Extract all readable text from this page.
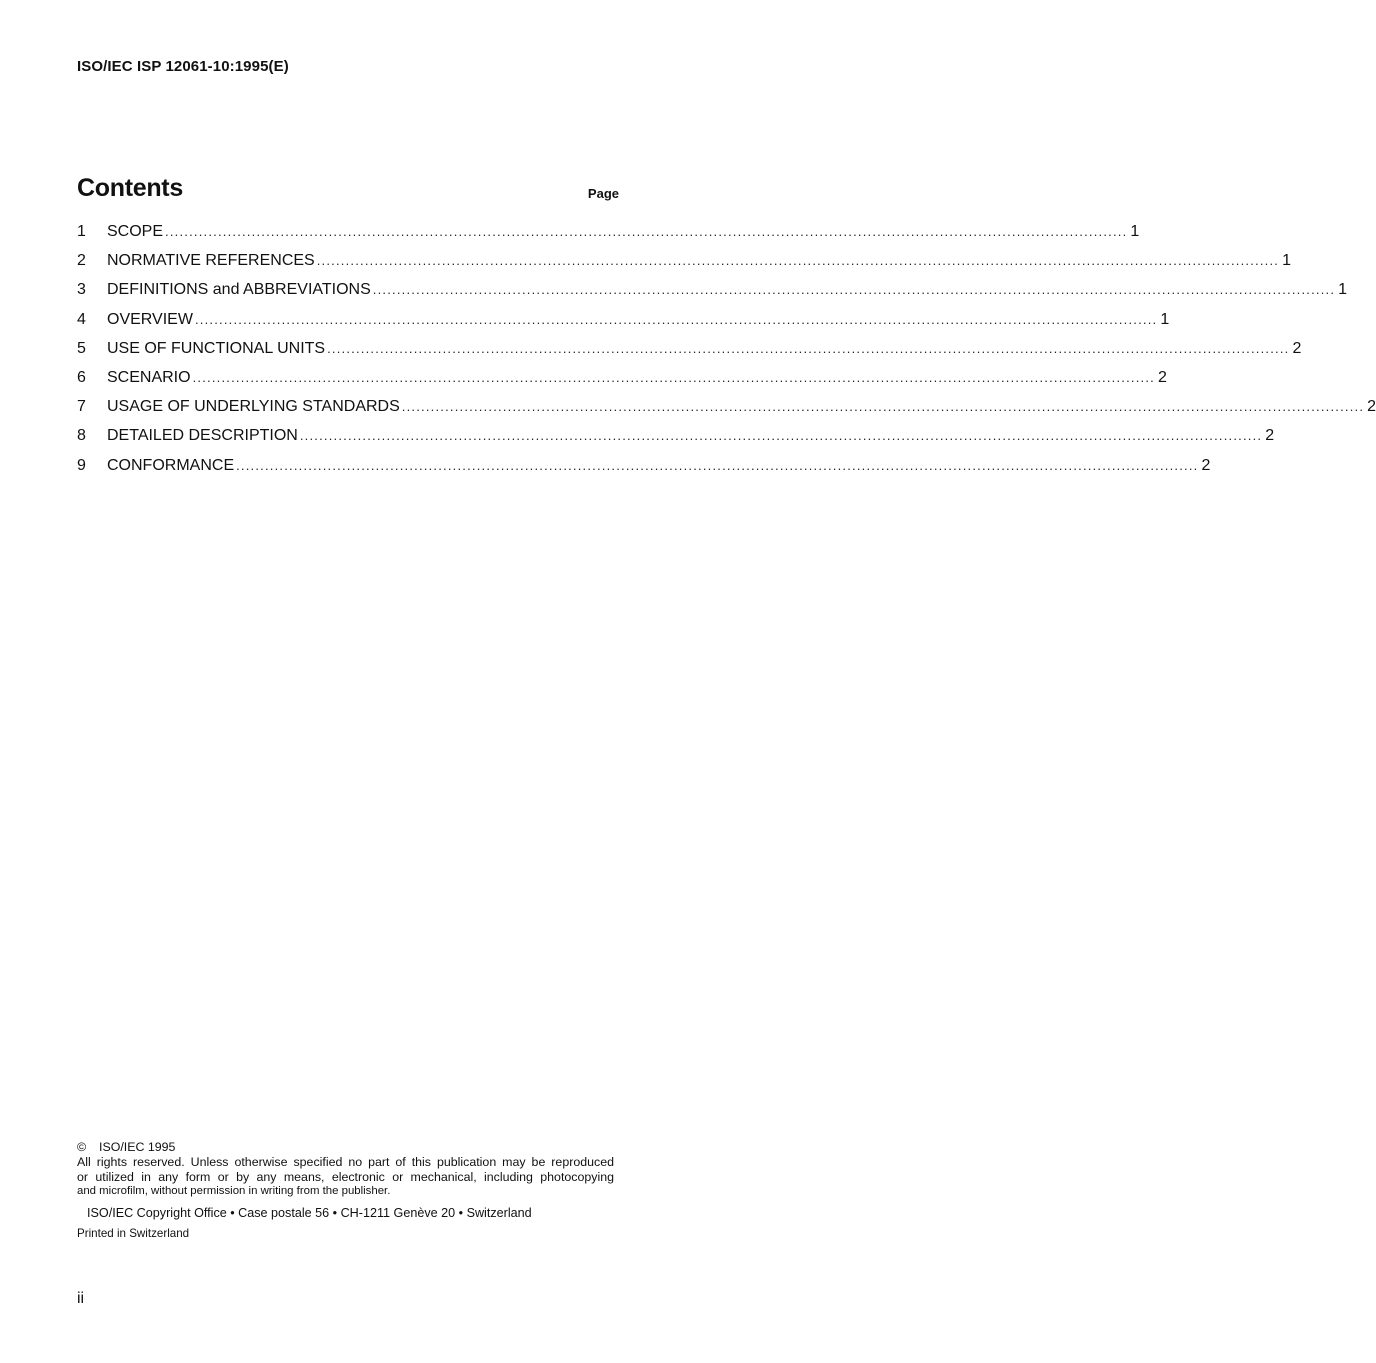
ISO/IEC ISP 12061-10:1995(E)
Contents	Page
1	SCOPE ........................................................................................................................................................................................................ 1
2	NORMATIVE REFERENCES ........................................................................................................................................................................................................ 1
3	DEFINITIONS and ABBREVIATIONS ........................................................................................................................................................................................................ 1
4	OVERVIEW ........................................................................................................................................................................................................ 1
5	USE OF FUNCTIONAL UNITS ........................................................................................................................................................................................................ 2
6	SCENARIO ........................................................................................................................................................................................................ 2
7	USAGE OF UNDERLYING STANDARDS ........................................................................................................................................................................................................ 2
8	DETAILED DESCRIPTION ........................................................................................................................................................................................................ 2
9	CONFORMANCE ........................................................................................................................................................................................................ 2
© ISO/IEC 1995
All rights reserved. Unless otherwise specified no part of this publication may be reproduced
or utilized in any form or by any means, electronic or mechanical, including photocopying
and microfilm, without permission in writing from the publisher.
ISO/IEC Copyright Office • Case postale 56 • CH-1211 Genève 20 • Switzerland
Printed in Switzerland
ii
